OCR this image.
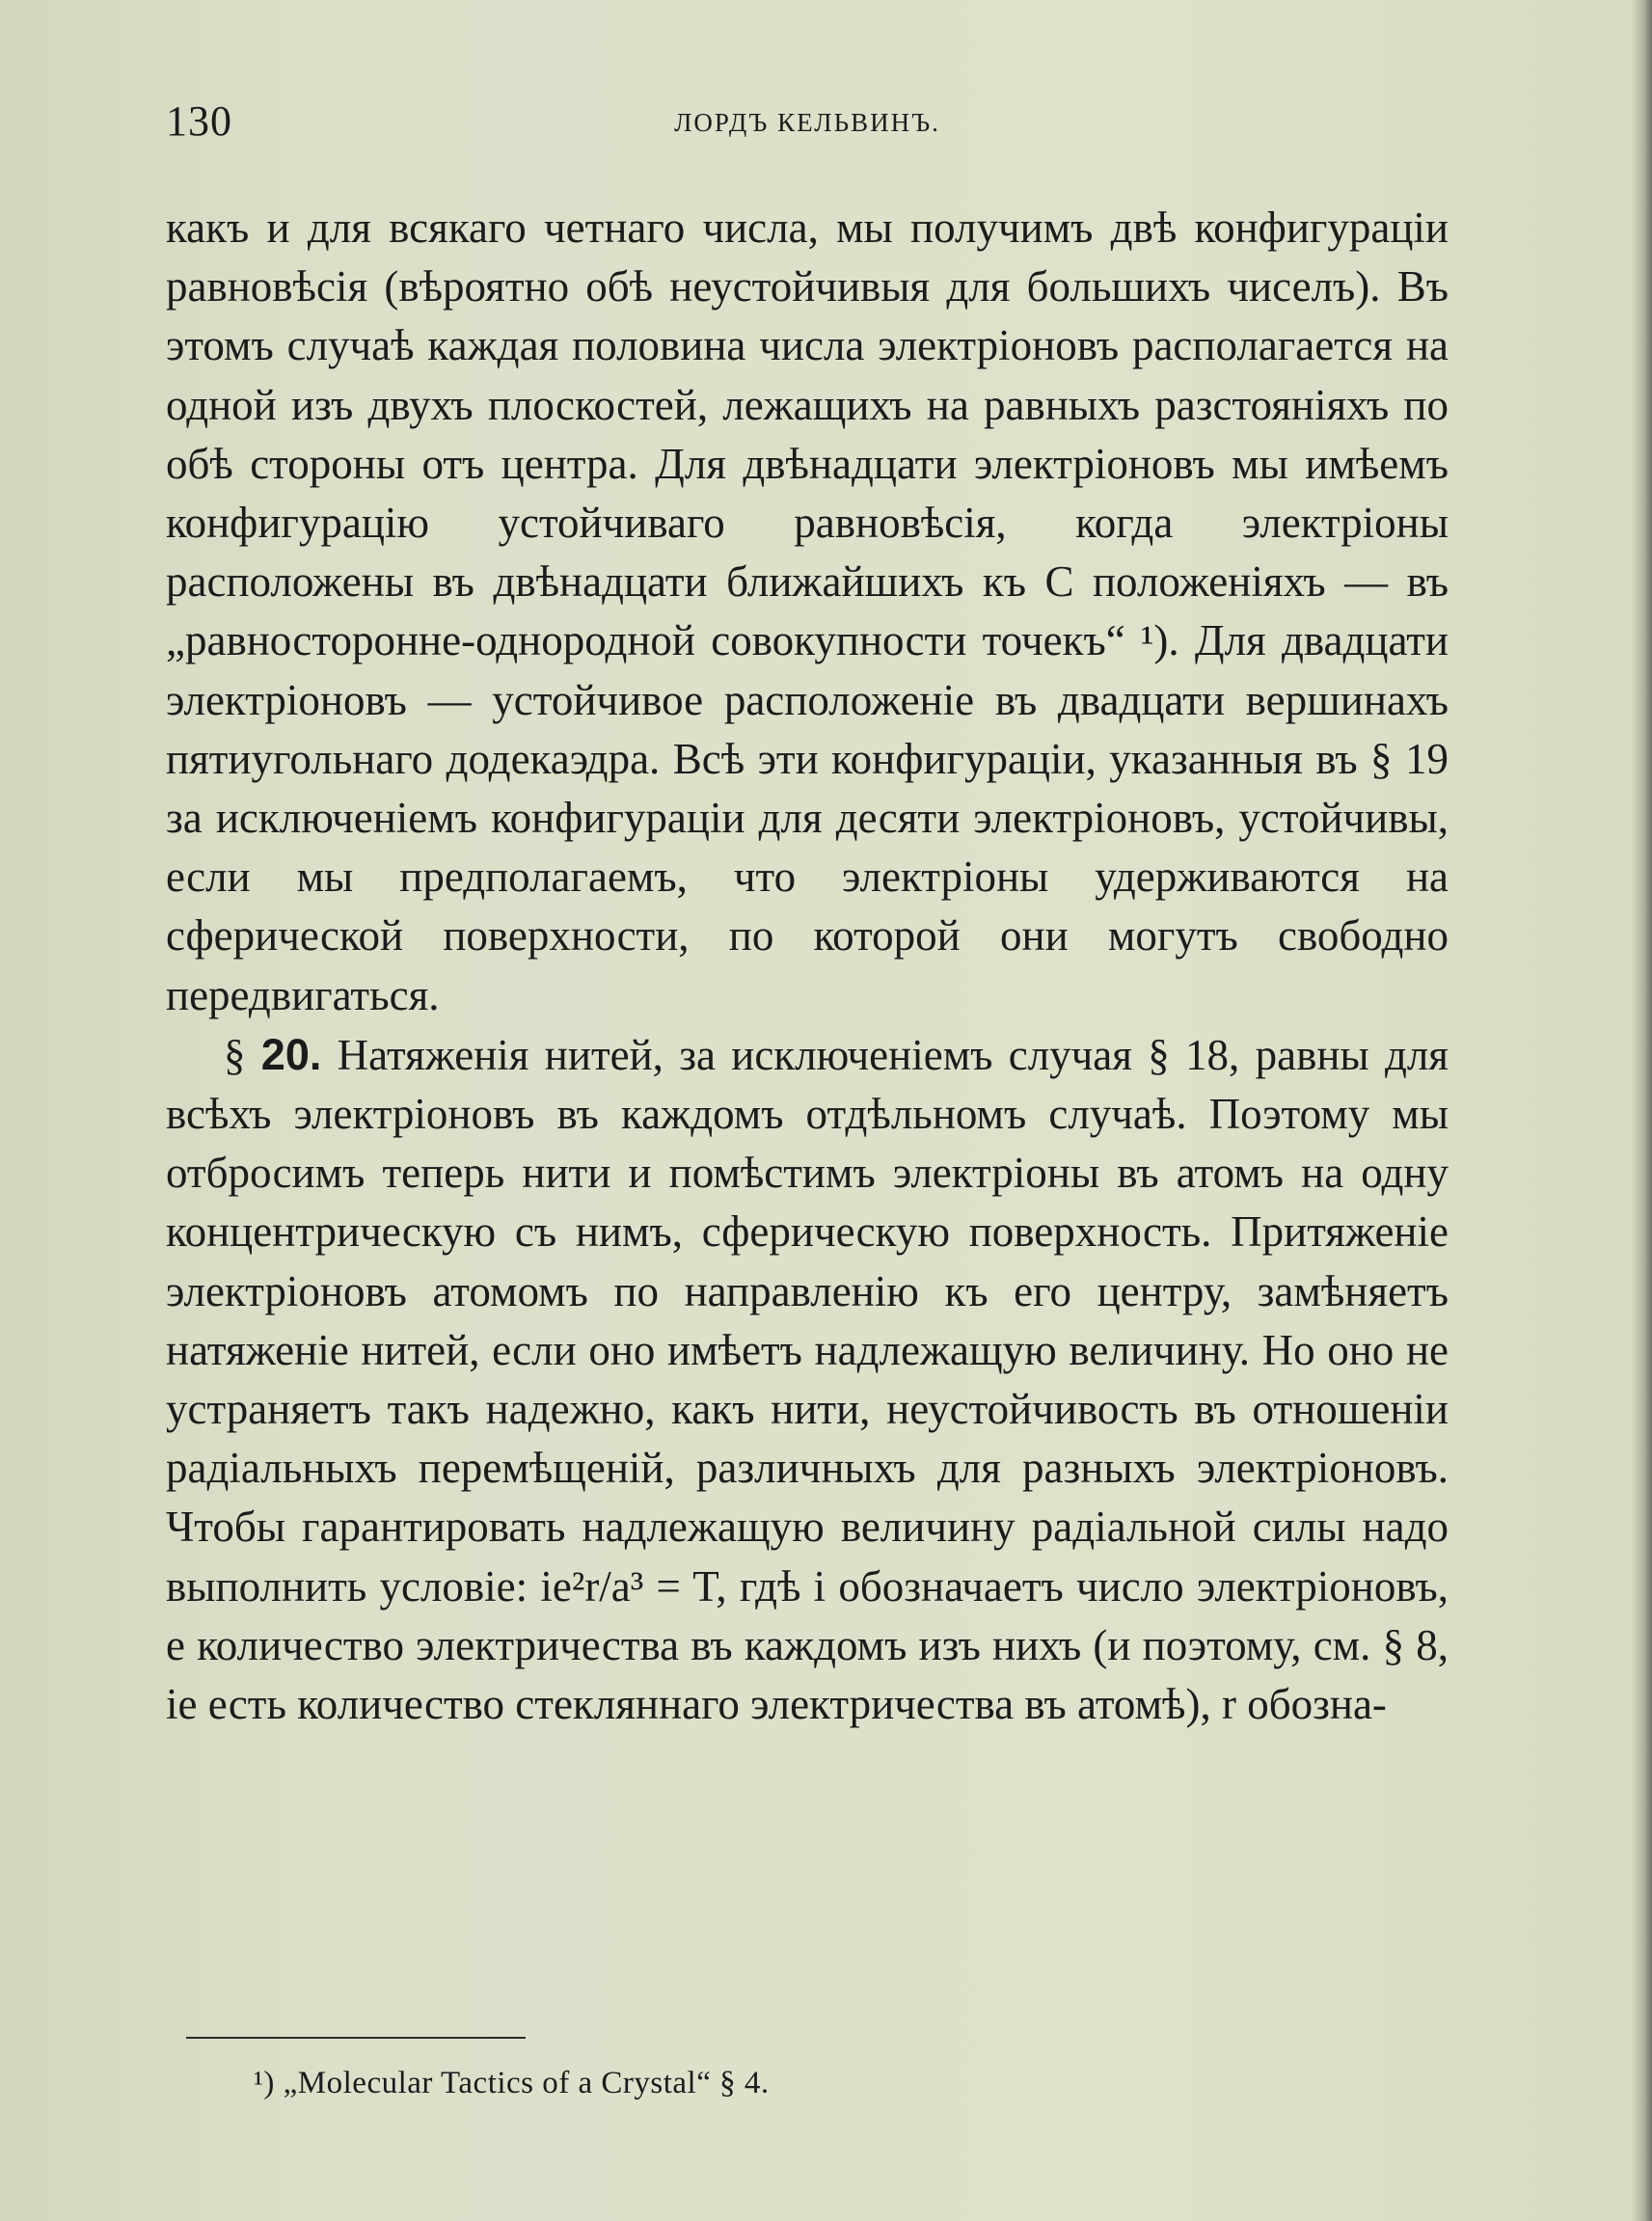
130	ЛОРДЪ КЕЛЬВИНЪ.

какъ и для всякаго четнаго числа, мы получимъ двѣ конфигураціи равновѣсія (вѣроятно обѣ неустойчивыя для большихъ чиселъ). Въ этомъ случаѣ каждая половина числа электріоновъ располагается на одной изъ двухъ плоскостей, лежащихъ на равныхъ разстояніяхъ по обѣ стороны отъ центра. Для двѣнадцати электріоновъ мы имѣемъ конфигурацію устойчиваго равновѣсія, когда электріоны расположены въ двѣнадцати ближайшихъ къ C положеніяхъ — въ „равносторонне-однородной совокупности точекъ“ ¹). Для двадцати электріоновъ — устойчивое расположеніе въ двадцати вершинахъ пятиугольнаго додекаэдра. Всѣ эти конфигураціи, указанныя въ § 19 за исключеніемъ конфигураціи для десяти электріоновъ, устойчивы, если мы предполагаемъ, что электріоны удерживаются на сферической поверхности, по которой они могутъ свободно передвигаться.

§ 20. Натяженія нитей, за исключеніемъ случая § 18, равны для всѣхъ электріоновъ въ каждомъ отдѣльномъ случаѣ. Поэтому мы отбросимъ теперь нити и помѣстимъ электріоны въ атомъ на одну концентрическую съ нимъ, сферическую поверхность. Притяженіе электріоновъ атомомъ по направленію къ его центру, замѣняетъ натяженіе нитей, если оно имѣетъ надлежащую величину. Но оно не устраняетъ такъ надежно, какъ нити, неустойчивость въ отношеніи радіальныхъ перемѣщеній, различныхъ для разныхъ электріоновъ. Чтобы гарантировать надлежащую величину радіальной силы надо выполнить условіе: ie²r/a³ = T, гдѣ i обозначаетъ число электріоновъ, e количество электричества въ каждомъ изъ нихъ (и поэтому, см. § 8, ie есть количество стекляннаго электричества въ атомѣ), r обозна-

¹) „Molecular Tactics of a Crystal“ § 4.
